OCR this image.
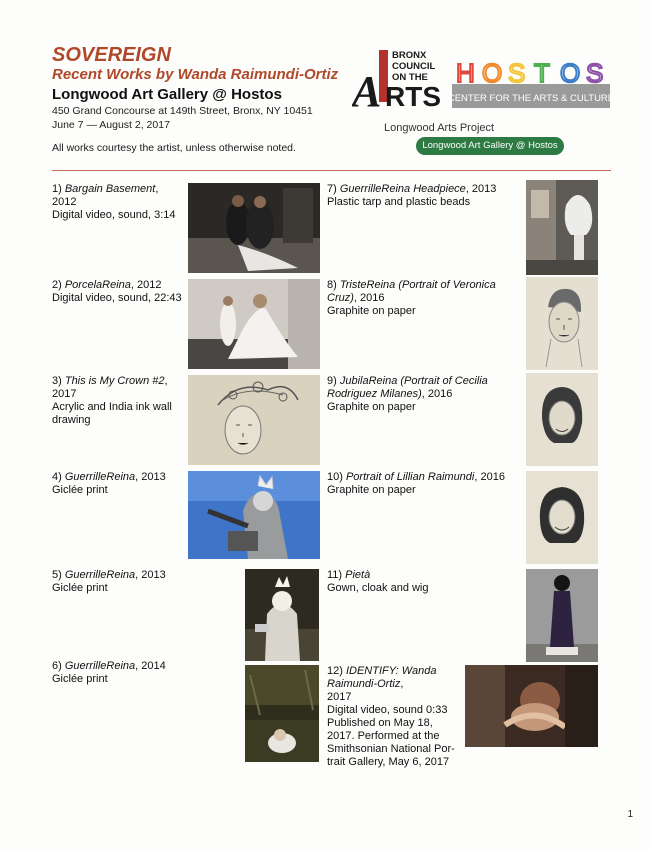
SOVEREIGN
Recent Works by Wanda Raimundi-Ortiz
Longwood Art Gallery @ Hostos
450 Grand Concourse at 149th Street, Bronx, NY 10451
June 7 — August 2, 2017
All works courtesy the artist, unless otherwise noted.
A RTS
BRONX
COUNCIL
ON THE H O S T O S
CENTER FOR THE ARTS & CULTURE
Longwood Arts Project
Longwood Art Gallery @ Hostos
1) Bargain Basement, 2012
Digital video, sound, 3:14
2) PorcelaReina, 2012
Digital video, sound, 22:43
3) This is My Crown #2,
2017
Acrylic and India ink wall
drawing
4) GuerrilleReina, 2013
Giclée print
5) GuerrilleReina, 2013
Giclée print
6) GuerrilleReina, 2014
Giclée print
7) GuerrilleReina Headpiece, 2013
Plastic tarp and plastic beads
8) TristeReina (Portrait of Veronica
Cruz), 2016
Graphite on paper
9) JubilaReina (Portrait of Cecilia
Rodriguez Milanes), 2016
Graphite on paper
10) Portrait of Lillian Raimundi, 2016
Graphite on paper
11) Pietà
Gown, cloak and wig
12) IDENTIFY: Wanda
Raimundi-Ortiz,
2017
Digital video, sound 0:33
Published on May 18,
2017. Performed at the
Smithsonian National Por-
trait Gallery, May 6, 2017
1
